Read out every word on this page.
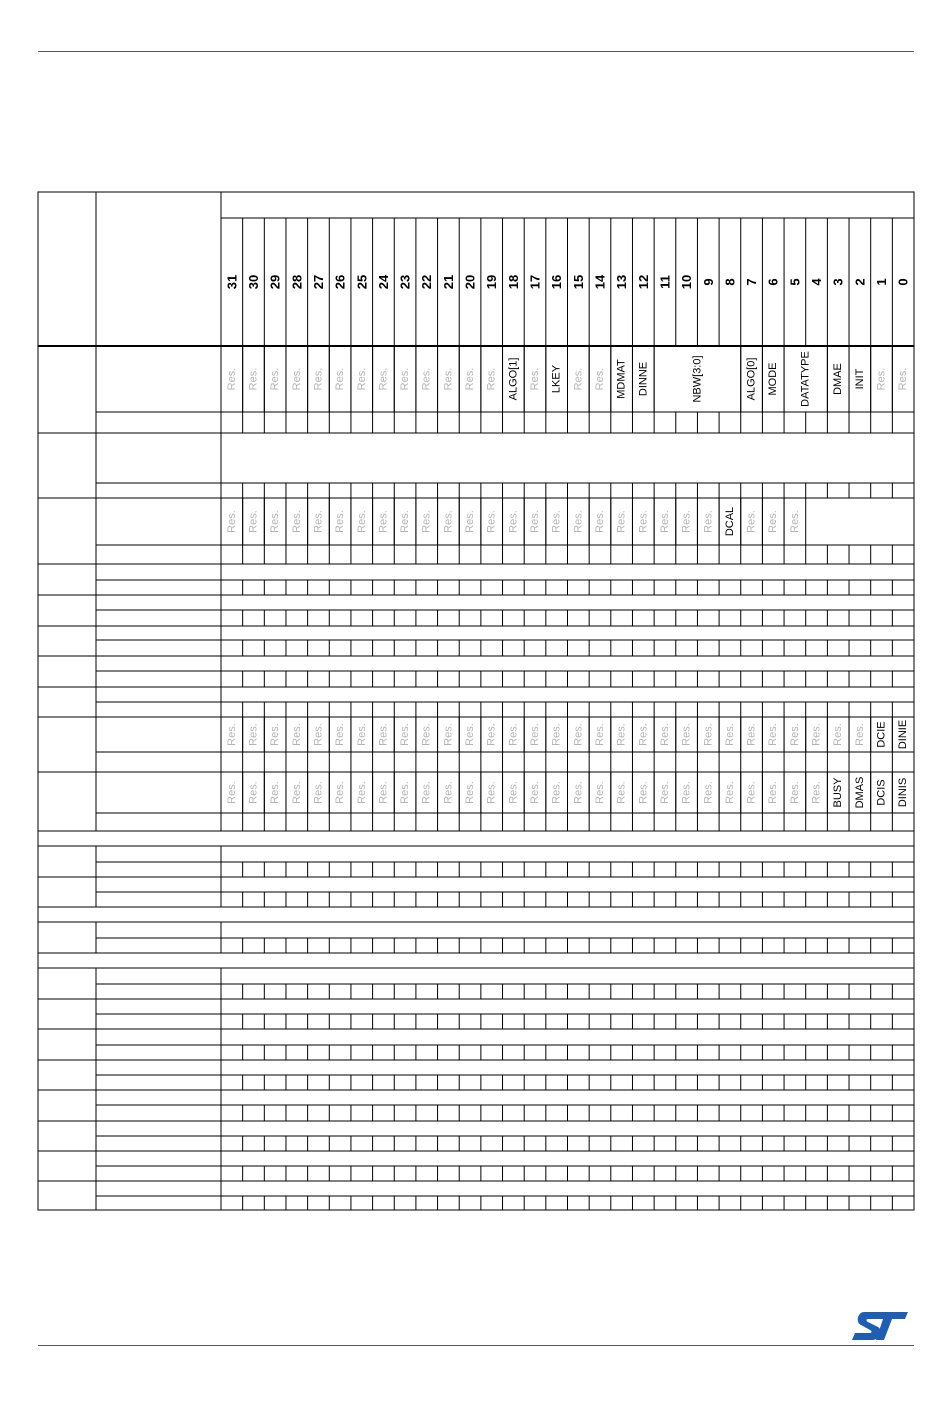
31 30 29 28 27 26 25 24 23 22 21 20 19 18 17 16 15 14 13 12 11 10 9 8 7 6 5 4 3 2 1 0
Res. Res. Res. Res. Res. Res. Res. Res. Res. Res. Res. Res. Res. ALGO[1] Res. LKEY Res. Res. MDMAT DINNE	NBW[3:0]	ALGO[0] MODE DATATYPE DMAE INIT Res. Res.
Res. Res. Res. Res. Res. Res. Res. Res. Res. Res. Res. Res. Res. Res. Res. Res. Res. Res. Res. Res. Res. Res. Res. DCAL Res. Res. Res.
Res. Res. Res. Res. Res. Res. Res. Res. Res. Res. Res. Res. Res. Res. Res. Res. Res. Res. Res. Res. Res. Res. Res. Res. Res. Res. Res. Res. Res. Res. DCIE DINIE
Res. Res. Res. Res. Res. Res. Res. Res. Res. Res. Res. Res. Res. Res. Res. Res. Res. Res. Res. Res. Res. Res. Res. Res. Res. Res. Res. Res. BUSY DMAS DCIS DINIS
